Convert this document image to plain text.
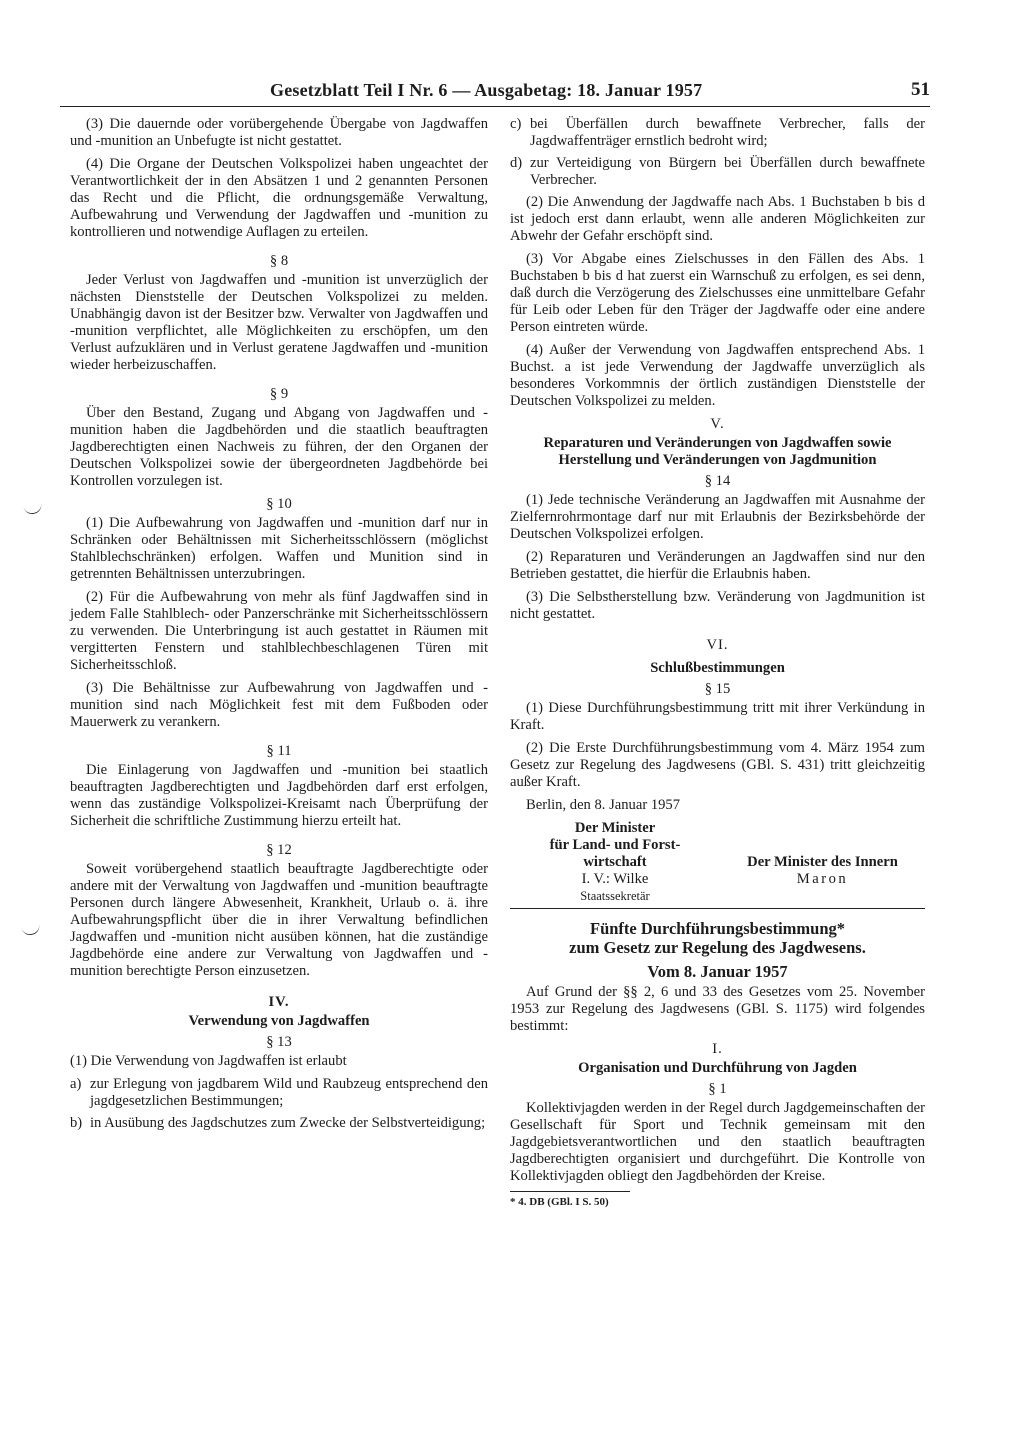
Gesetzblatt Teil I Nr. 6 — Ausgabetag: 18. Januar 1957	51

(3) Die dauernde oder vorübergehende Übergabe von Jagdwaffen und -munition an Unbefugte ist nicht gestattet.

(4) Die Organe der Deutschen Volkspolizei haben ungeachtet der Verantwortlichkeit der in den Absätzen 1 und 2 genannten Personen das Recht und die Pflicht, die ordnungsgemäße Verwaltung, Aufbewahrung und Verwendung der Jagdwaffen und -munition zu kontrollieren und notwendige Auflagen zu erteilen.

§ 8

Jeder Verlust von Jagdwaffen und -munition ist unverzüglich der nächsten Dienststelle der Deutschen Volkspolizei zu melden. Unabhängig davon ist der Besitzer bzw. Verwalter von Jagdwaffen und -munition verpflichtet, alle Möglichkeiten zu erschöpfen, um den Verlust aufzuklären und in Verlust geratene Jagdwaffen und -munition wieder herbeizuschaffen.

§ 9

Über den Bestand, Zugang und Abgang von Jagdwaffen und -munition haben die Jagdbehörden und die staatlich beauftragten Jagdberechtigten einen Nachweis zu führen, der den Organen der Deutschen Volkspolizei sowie der übergeordneten Jagdbehörde bei Kontrollen vorzulegen ist.

§ 10

(1) Die Aufbewahrung von Jagdwaffen und -munition darf nur in Schränken oder Behältnissen mit Sicherheitsschlössern (möglichst Stahlblechschränken) erfolgen. Waffen und Munition sind in getrennten Behältnissen unterzubringen.

(2) Für die Aufbewahrung von mehr als fünf Jagdwaffen sind in jedem Falle Stahlblech- oder Panzerschränke mit Sicherheitsschlössern zu verwenden. Die Unterbringung ist auch gestattet in Räumen mit vergitterten Fenstern und stahlblechbeschlagenen Türen mit Sicherheitsschloß.

(3) Die Behältnisse zur Aufbewahrung von Jagdwaffen und -munition sind nach Möglichkeit fest mit dem Fußboden oder Mauerwerk zu verankern.

§ 11

Die Einlagerung von Jagdwaffen und -munition bei staatlich beauftragten Jagdberechtigten und Jagdbehörden darf erst erfolgen, wenn das zuständige Volkspolizei-Kreisamt nach Überprüfung der Sicherheit die schriftliche Zustimmung hierzu erteilt hat.

§ 12

Soweit vorübergehend staatlich beauftragte Jagdberechtigte oder andere mit der Verwaltung von Jagdwaffen und -munition beauftragte Personen durch längere Abwesenheit, Krankheit, Urlaub o. ä. ihre Aufbewahrungspflicht über die in ihrer Verwaltung befindlichen Jagdwaffen und -munition nicht ausüben können, hat die zuständige Jagdbehörde eine andere zur Verwaltung von Jagdwaffen und -munition berechtigte Person einzusetzen.

IV.
Verwendung von Jagdwaffen
§ 13

(1) Die Verwendung von Jagdwaffen ist erlaubt

a) zur Erlegung von jagdbarem Wild und Raubzeug entsprechend den jagdgesetzlichen Bestimmungen;
b) in Ausübung des Jagdschutzes zum Zwecke der Selbstverteidigung;
c) bei Überfällen durch bewaffnete Verbrecher, falls der Jagdwaffenträger ernstlich bedroht wird;
d) zur Verteidigung von Bürgern bei Überfällen durch bewaffnete Verbrecher.

(2) Die Anwendung der Jagdwaffe nach Abs. 1 Buchstaben b bis d ist jedoch erst dann erlaubt, wenn alle anderen Möglichkeiten zur Abwehr der Gefahr erschöpft sind.

(3) Vor Abgabe eines Zielschusses in den Fällen des Abs. 1 Buchstaben b bis d hat zuerst ein Warnschuß zu erfolgen, es sei denn, daß durch die Verzögerung des Zielschusses eine unmittelbare Gefahr für Leib oder Leben für den Träger der Jagdwaffe oder eine andere Person eintreten würde.

(4) Außer der Verwendung von Jagdwaffen entsprechend Abs. 1 Buchst. a ist jede Verwendung der Jagdwaffe unverzüglich als besonderes Vorkommnis der örtlich zuständigen Dienststelle der Deutschen Volkspolizei zu melden.

V.
Reparaturen und Veränderungen von Jagdwaffen sowie Herstellung und Veränderungen von Jagdmunition
§ 14

(1) Jede technische Veränderung an Jagdwaffen mit Ausnahme der Zielfernrohrmontage darf nur mit Erlaubnis der Bezirksbehörde der Deutschen Volkspolizei erfolgen.

(2) Reparaturen und Veränderungen an Jagdwaffen sind nur den Betrieben gestattet, die hierfür die Erlaubnis haben.

(3) Die Selbstherstellung bzw. Veränderung von Jagdmunition ist nicht gestattet.

VI.
Schlußbestimmungen
§ 15

(1) Diese Durchführungsbestimmung tritt mit ihrer Verkündung in Kraft.

(2) Die Erste Durchführungsbestimmung vom 4. März 1954 zum Gesetz zur Regelung des Jagdwesens (GBl. S. 431) tritt gleichzeitig außer Kraft.

Berlin, den 8. Januar 1957

Der Minister
für Land- und Forst-
wirtschaft
I. V.: Wilke
Staatssekretär
Der Minister des Innern
Maron

Fünfte Durchführungsbestimmung*

zum Gesetz zur Regelung des Jagdwesens.

Vom 8. Januar 1957

Auf Grund der §§ 2, 6 und 33 des Gesetzes vom 25. November 1953 zur Regelung des Jagdwesens (GBl. S. 1175) wird folgendes bestimmt:

I.
Organisation und Durchführung von Jagden
§ 1

Kollektivjagden werden in der Regel durch Jagdgemeinschaften der Gesellschaft für Sport und Technik gemeinsam mit den Jagdgebietsverantwortlichen und den staatlich beauftragten Jagdberechtigten organisiert und durchgeführt. Die Kontrolle von Kollektivjagden obliegt den Jagdbehörden der Kreise.

* 4. DB (GBl. I S. 50)
